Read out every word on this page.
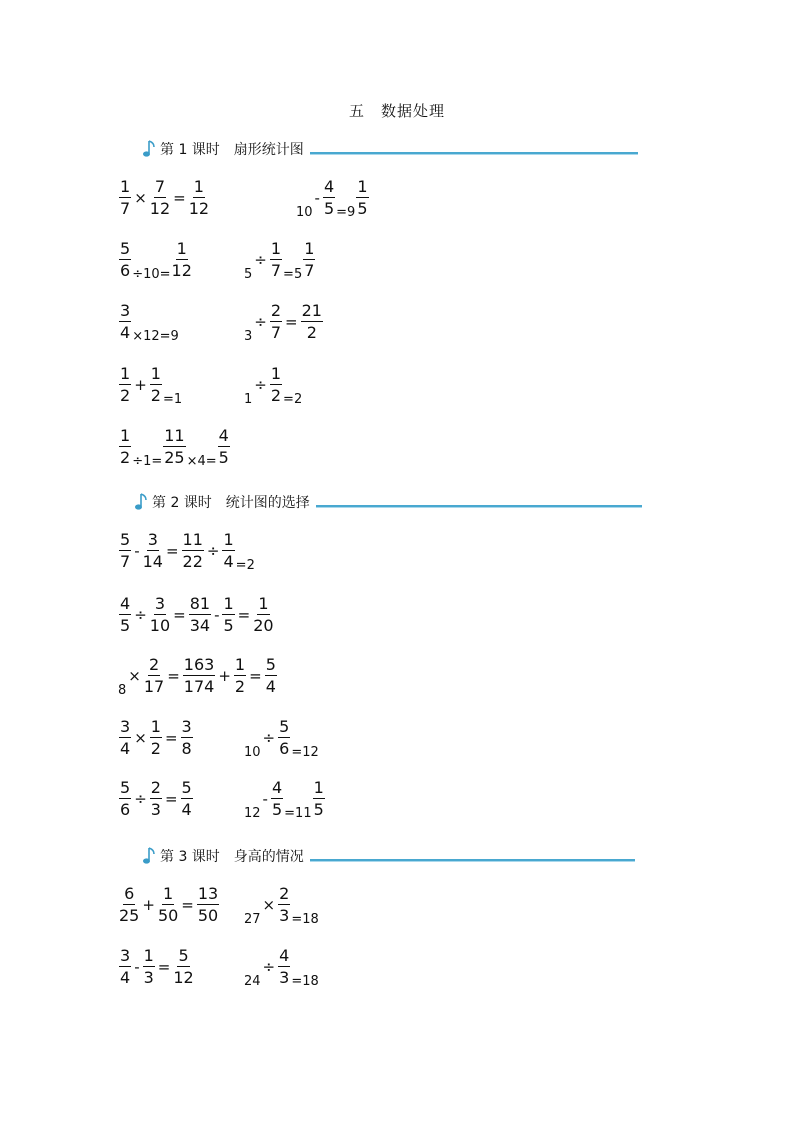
五　数据处理
第 1 课时　扇形统计图
第 2 课时　统计图的选择
第 3 课时　身高的情况
$\frac{1}{7} \times \frac{7}{12} = \frac{1}{12}$	10
- $\frac{4}{5} =9 \frac{1}{5}$
$\frac{5}{6} \div 10= \frac{1}{12}$	5
÷ $\frac{1}{7} =5 \frac{1}{7}$
$\frac{3}{4} \times 12=9$	3
÷ $\frac{2}{7} = \frac{21}{2}$
$\frac{1}{2} + \frac{1}{2} =1$	1
÷ $\frac{1}{2} =2$
$\frac{1}{2} \div 1= \frac{11}{25} \times 4= \frac{4}{5}$
$\frac{5}{7} - \frac{3}{14} = \frac{11}{22} \div \frac{1}{4} =2$
$\frac{4}{5} \div \frac{3}{10} = \frac{81}{34} - \frac{1}{5} = \frac{1}{20}$
8
× $\frac{2}{17} = \frac{163}{174} + \frac{1}{2} = \frac{5}{4}$
$\frac{3}{4} \times \frac{1}{2} = \frac{3}{8}$	10
÷ $\frac{5}{6} =12$
$\frac{5}{6} \div \frac{2}{3} = \frac{5}{4}$	12
- $\frac{4}{5} =11 \frac{1}{5}$
$\frac{6}{25} + \frac{1}{50} = \frac{13}{50} 27$
× $\frac{2}{3} =18$
$\frac{3}{4} - \frac{1}{3} = \frac{5}{12}$	24
÷ $\frac{4}{3} =18$
